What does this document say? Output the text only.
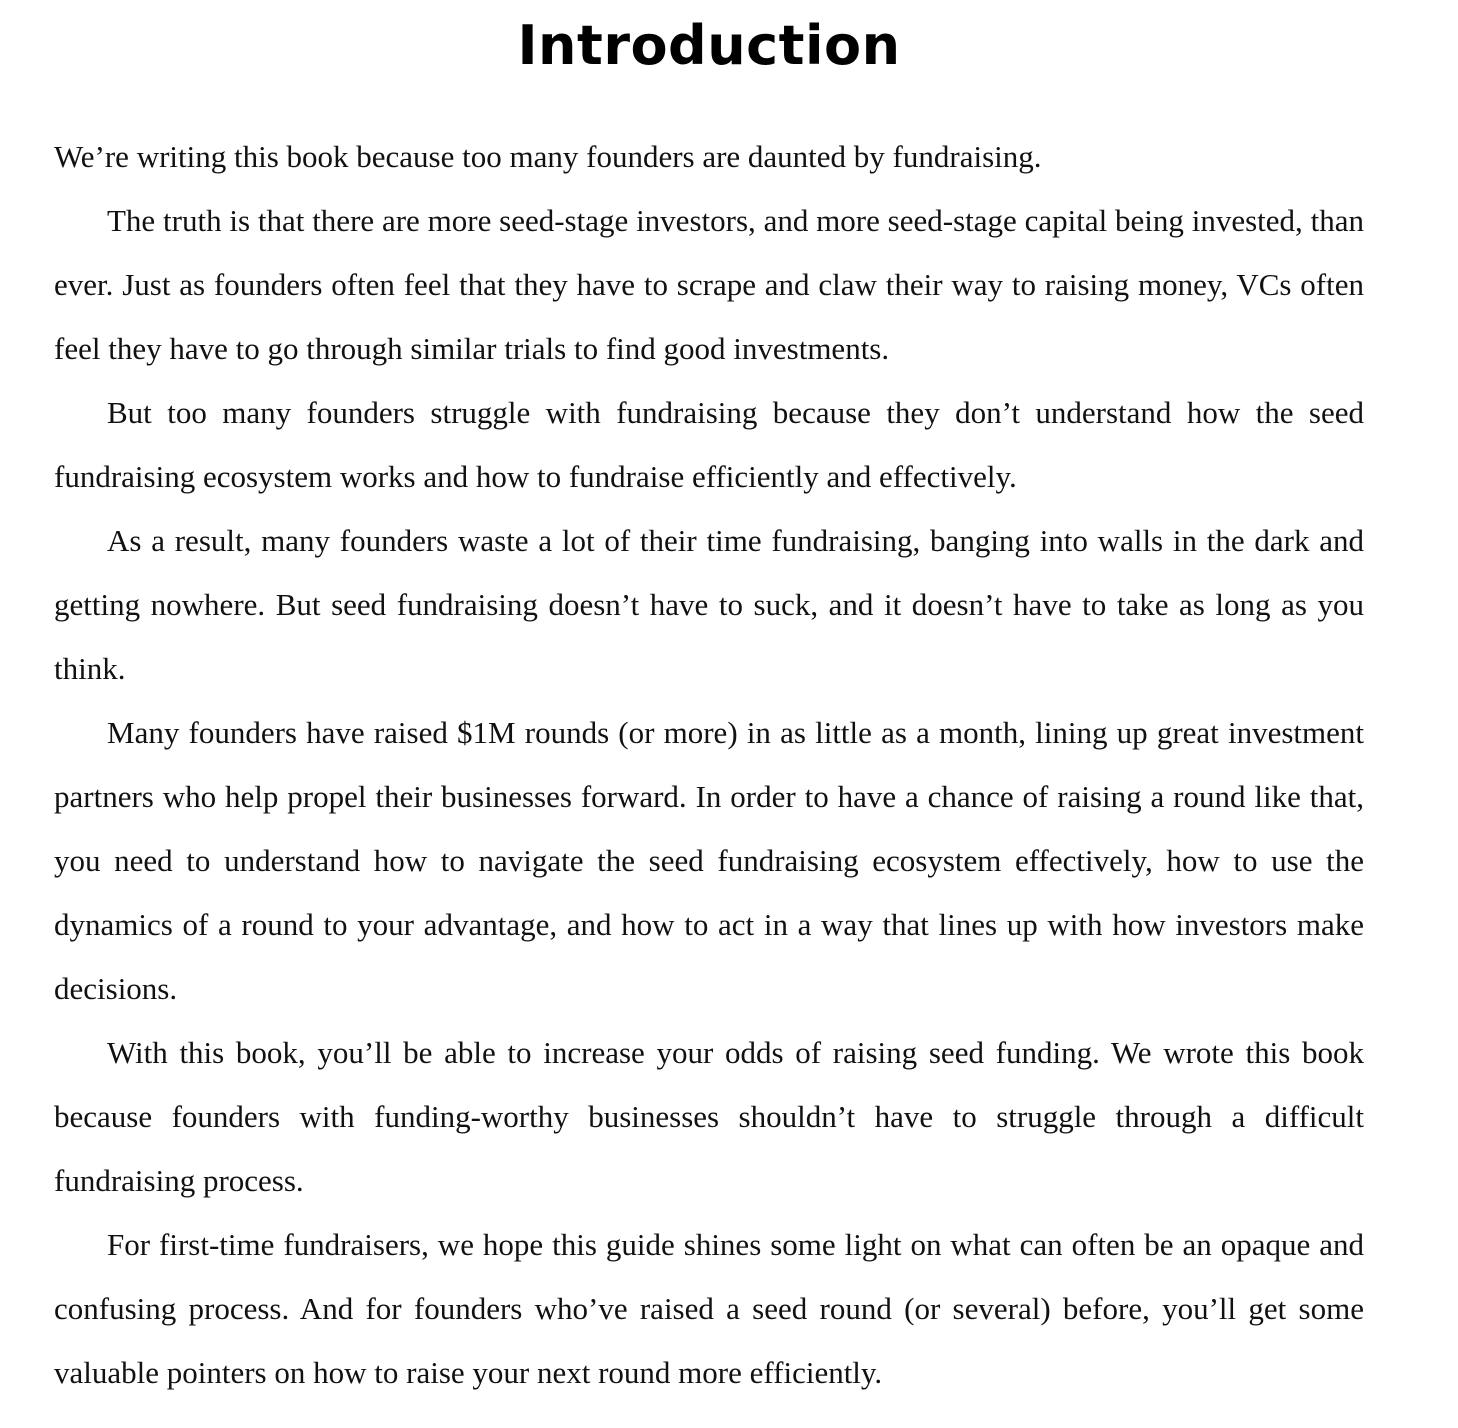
Introduction

We’re writing this book because too many founders are daunted by fundraising.

The truth is that there are more seed-stage investors, and more seed-stage capital being invested, than ever. Just as founders often feel that they have to scrape and claw their way to raising money, VCs often feel they have to go through similar trials to find good investments.

But too many founders struggle with fundraising because they don’t understand how the seed fundraising ecosystem works and how to fundraise efficiently and effectively.

As a result, many founders waste a lot of their time fundraising, banging into walls in the dark and getting nowhere. But seed fundraising doesn’t have to suck, and it doesn’t have to take as long as you think.

Many founders have raised $1M rounds (or more) in as little as a month, lining up great investment partners who help propel their businesses forward. In order to have a chance of raising a round like that, you need to understand how to navigate the seed fundraising ecosystem effectively, how to use the dynamics of a round to your advantage, and how to act in a way that lines up with how investors make decisions.

With this book, you’ll be able to increase your odds of raising seed funding. We wrote this book because founders with funding-worthy businesses shouldn’t have to struggle through a difficult fundraising process.

For first-time fundraisers, we hope this guide shines some light on what can often be an opaque and confusing process. And for founders who’ve raised a seed round (or several) before, you’ll get some valuable pointers on how to raise your next round more efficiently.
